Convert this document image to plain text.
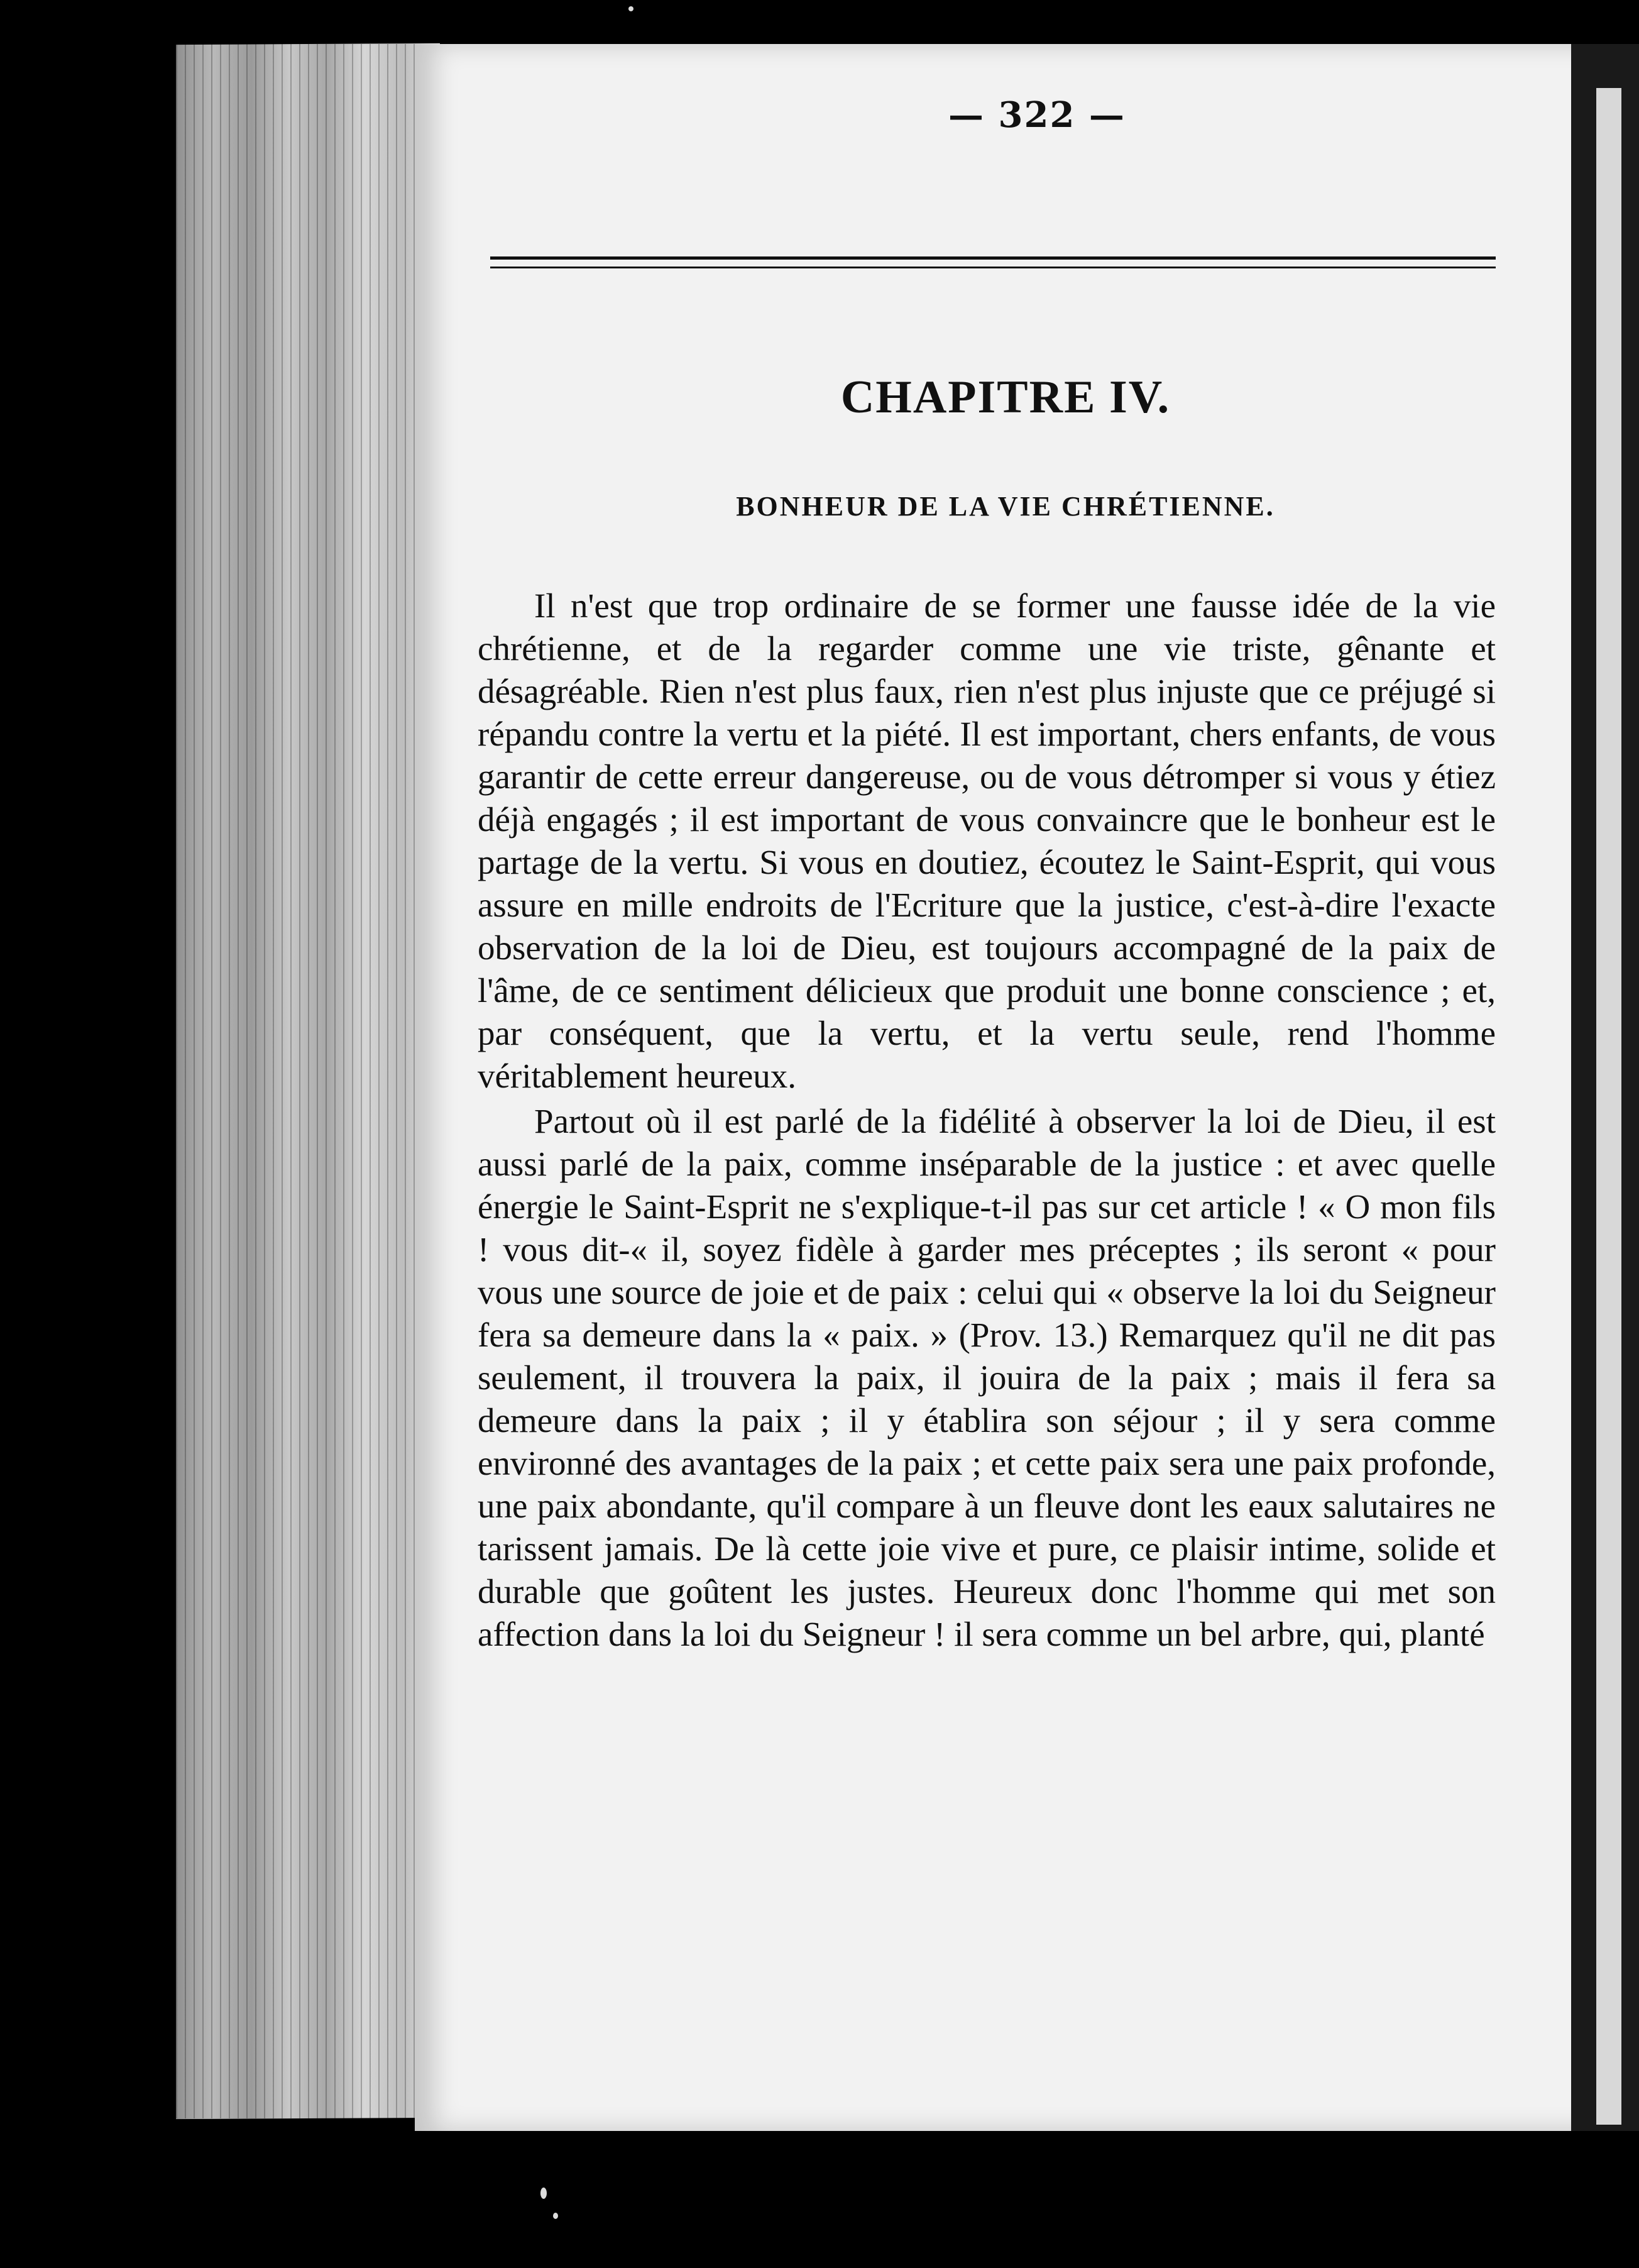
— 322 —
CHAPITRE IV.
BONHEUR DE LA VIE CHRÉTIENNE.

Il n'est que trop ordinaire de se former une fausse idée de la vie chrétienne, et de la regarder comme une vie triste, gênante et désagréable. Rien n'est plus faux, rien n'est plus injuste que ce préjugé si répandu contre la vertu et la piété. Il est important, chers enfants, de vous garantir de cette erreur dangereuse, ou de vous détromper si vous y étiez déjà engagés ; il est important de vous convaincre que le bonheur est le partage de la vertu. Si vous en doutiez, écoutez le Saint-Esprit, qui vous assure en mille endroits de l'Ecriture que la justice, c'est-à-dire l'exacte observation de la loi de Dieu, est toujours accompagné de la paix de l'âme, de ce sentiment délicieux que produit une bonne conscience ; et, par conséquent, que la vertu, et la vertu seule, rend l'homme véritablement heureux.

Partout où il est parlé de la fidélité à observer la loi de Dieu, il est aussi parlé de la paix, comme inséparable de la justice : et avec quelle énergie le Saint-Esprit ne s'explique-t-il pas sur cet article ! « O mon fils ! vous dit-« il, soyez fidèle à garder mes préceptes ; ils seront « pour vous une source de joie et de paix : celui qui « observe la loi du Seigneur fera sa demeure dans la « paix. » (Prov. 13.) Remarquez qu'il ne dit pas seulement, il trouvera la paix, il jouira de la paix ; mais il fera sa demeure dans la paix ; il y établira son séjour ; il y sera comme environné des avantages de la paix ; et cette paix sera une paix profonde, une paix abondante, qu'il compare à un fleuve dont les eaux salutaires ne tarissent jamais. De là cette joie vive et pure, ce plaisir intime, solide et durable que goûtent les justes. Heureux donc l'homme qui met son affection dans la loi du Seigneur ! il sera comme un bel arbre, qui, planté
